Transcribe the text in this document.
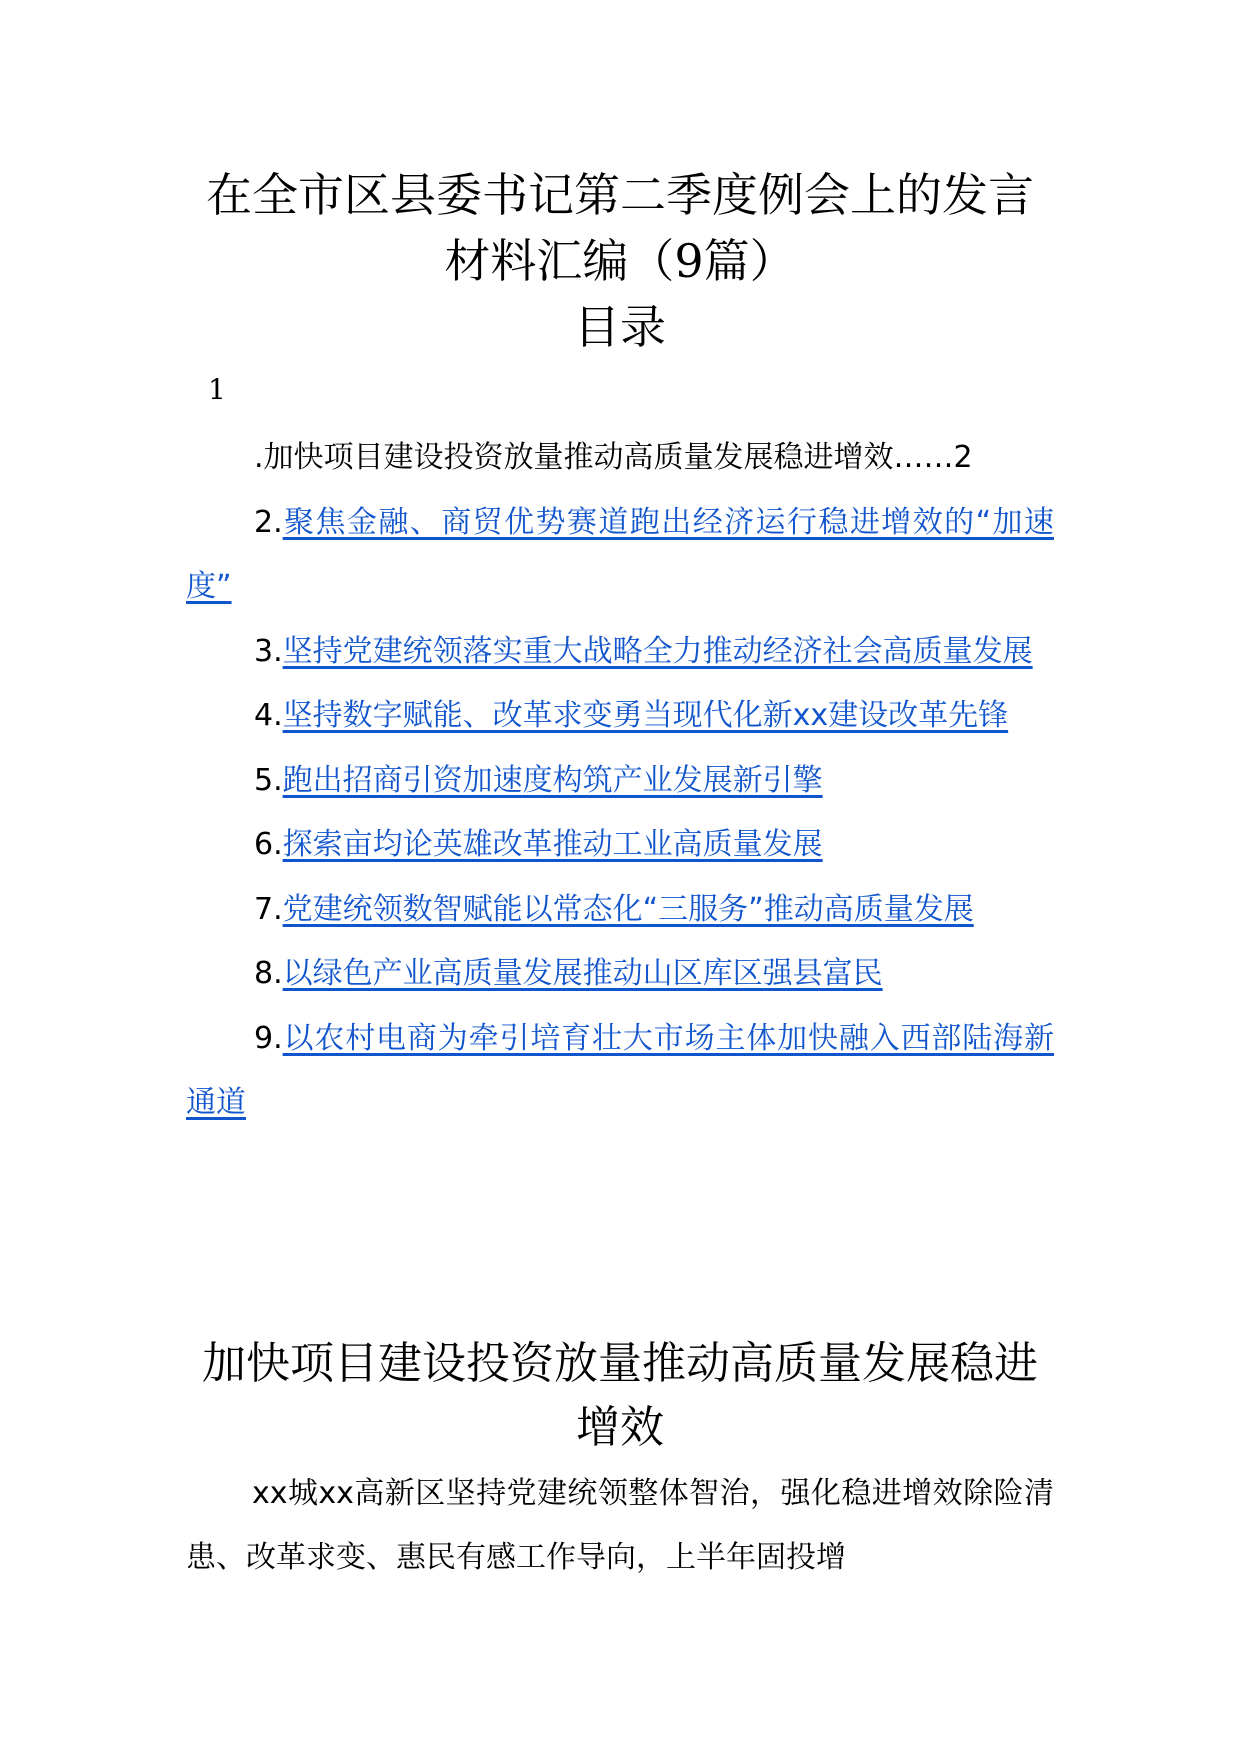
在全市区县委书记第二季度例会上的发言
材料汇编（9篇）
目录
1
.加快项目建设投资放量推动高质量发展稳进增效……2
2.聚焦金融、商贸优势赛道跑出经济运行稳进增效的“加速度”
3.坚持党建统领落实重大战略全力推动经济社会高质量发展
4.坚持数字赋能、改革求变勇当现代化新xx建设改革先锋
5.跑出招商引资加速度构筑产业发展新引擎
6.探索亩均论英雄改革推动工业高质量发展
7.党建统领数智赋能以常态化“三服务”推动高质量发展
8.以绿色产业高质量发展推动山区库区强县富民
9.以农村电商为牵引培育壮大市场主体加快融入西部陆海新通道
加快项目建设投资放量推动高质量发展稳进增效

xx城xx高新区坚持党建统领整体智治，强化稳进增效除险清患、改革求变、惠民有感工作导向，上半年固投增
